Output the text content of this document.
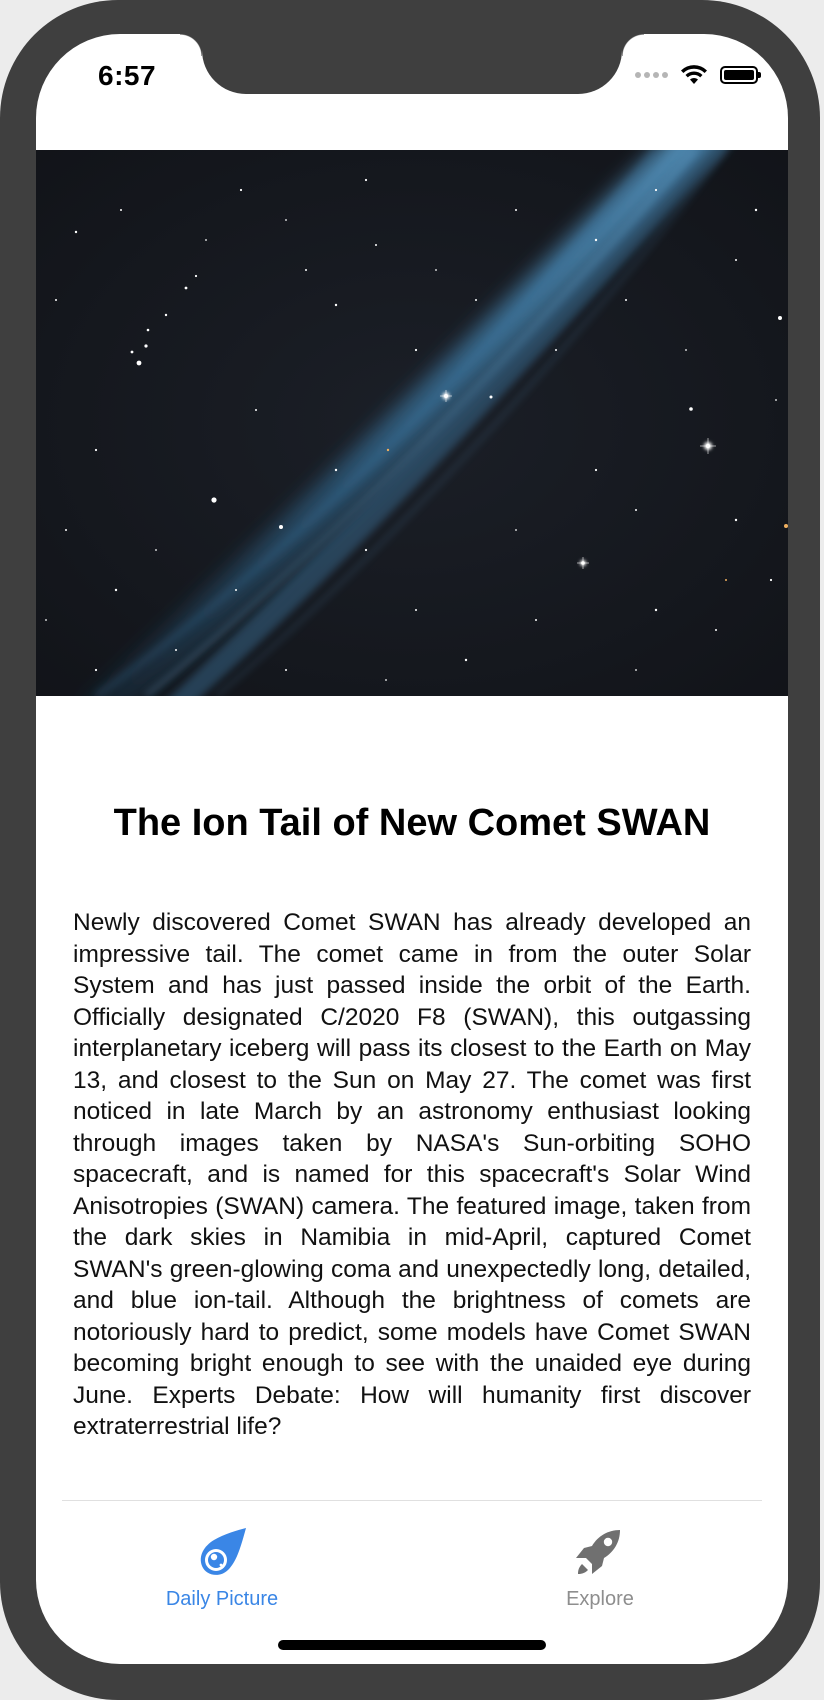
6:57
The Ion Tail of New Comet SWAN

Newly discovered Comet SWAN has already developed an impressive tail. The comet came in from the outer Solar System and has just passed inside the orbit of the Earth. Officially designated C/2020 F8 (SWAN), this outgassing interplanetary iceberg will pass its closest to the Earth on May 13, and closest to the Sun on May 27. The comet was first noticed in late March by an astronomy enthusiast looking through images taken by NASA's Sun-orbiting SOHO spacecraft, and is named for this spacecraft's Solar Wind Anisotropies (SWAN) camera. The featured image, taken from the dark skies in Namibia in mid-April, captured Comet SWAN's green-glowing coma and unexpectedly long, detailed, and blue ion-tail. Although the brightness of comets are notoriously hard to predict, some models have Comet SWAN becoming bright enough to see with the unaided eye during June. Experts Debate: How will humanity first discover extraterrestrial life?

Daily Picture	Explore
